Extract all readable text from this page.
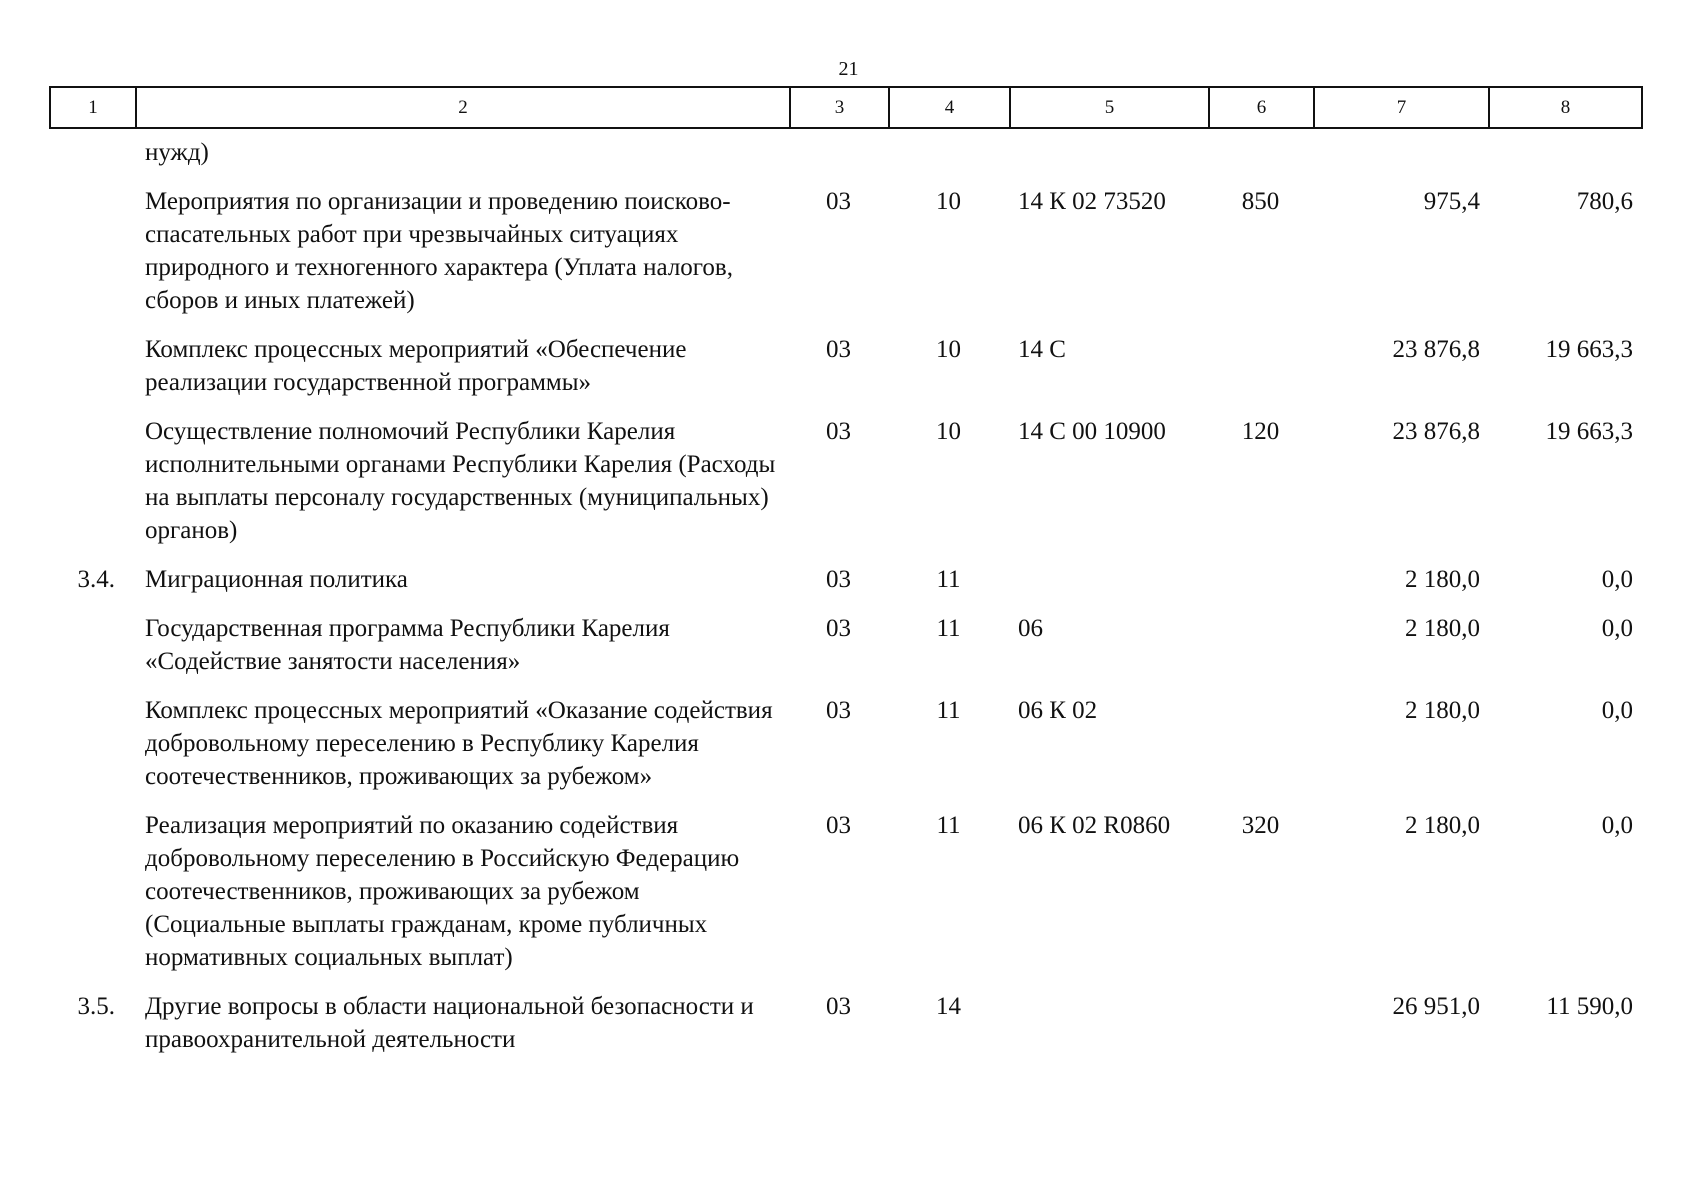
21
1	2	3	4	5	6	7	8
	нужд)						
	Мероприятия по организации и проведению поисково-спасательных работ при чрезвычайных ситуациях природного и техногенного характера (Уплата налогов, сборов и иных платежей)	03	10	14 К 02 73520	850	975,4	780,6
	Комплекс процессных мероприятий «Обеспечение реализации государственной программы»	03	10	14 С		23 876,8	19 663,3
	Осуществление полномочий Республики Карелия исполнительными органами Республики Карелия (Расходы на выплаты персоналу государственных (муниципальных) органов)	03	10	14 С 00 10900	120	23 876,8	19 663,3
3.4.	Миграционная политика	03	11			2 180,0	0,0
	Государственная программа Республики Карелия «Содействие занятости населения»	03	11	06		2 180,0	0,0
	Комплекс процессных мероприятий «Оказание содействия добровольному переселению в Республику Карелия соотечественников, проживающих за рубежом»	03	11	06 К 02		2 180,0	0,0
	Реализация мероприятий по оказанию содействия добровольному переселению в Российскую Федерацию соотечественников, проживающих за рубежом (Социальные выплаты гражданам, кроме публичных нормативных социальных выплат)	03	11	06 К 02 R0860	320	2 180,0	0,0
3.5.	Другие вопросы в области национальной безопасности и правоохранительной деятельности	03	14			26 951,0	11 590,0
